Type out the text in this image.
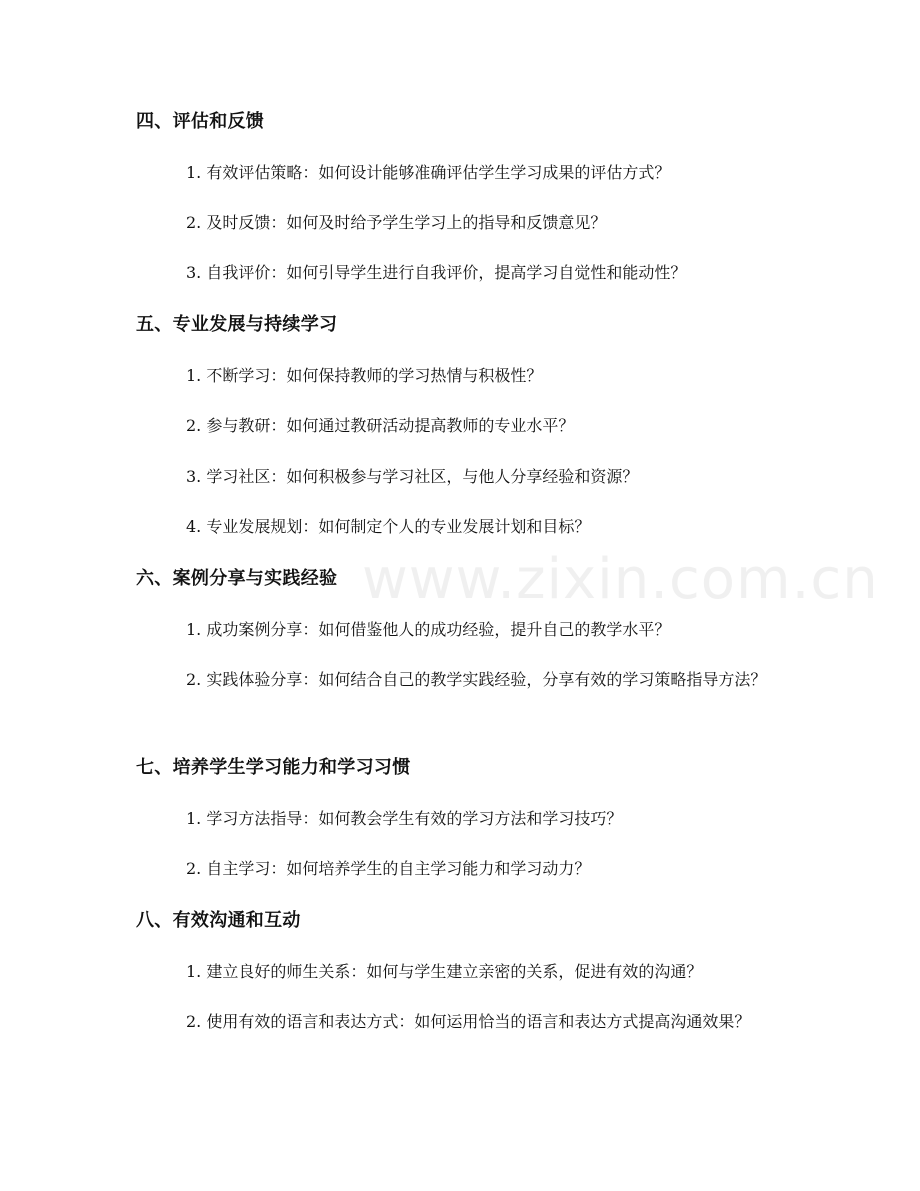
四、评估和反馈
1. 有效评估策略：如何设计能够准确评估学生学习成果的评估方式？
2. 及时反馈：如何及时给予学生学习上的指导和反馈意见？
3. 自我评价：如何引导学生进行自我评价，提高学习自觉性和能动性？
五、专业发展与持续学习
1. 不断学习：如何保持教师的学习热情与积极性？
2. 参与教研：如何通过教研活动提高教师的专业水平？
3. 学习社区：如何积极参与学习社区，与他人分享经验和资源？
4. 专业发展规划：如何制定个人的专业发展计划和目标？
六、案例分享与实践经验
1. 成功案例分享：如何借鉴他人的成功经验，提升自己的教学水平？
2. 实践体验分享：如何结合自己的教学实践经验，分享有效的学习策略指导方法？
七、培养学生学习能力和学习习惯
1. 学习方法指导：如何教会学生有效的学习方法和学习技巧？
2. 自主学习：如何培养学生的自主学习能力和学习动力？
八、有效沟通和互动
1. 建立良好的师生关系：如何与学生建立亲密的关系，促进有效的沟通？
2. 使用有效的语言和表达方式：如何运用恰当的语言和表达方式提高沟通效果？
www.zixin.com.cn
